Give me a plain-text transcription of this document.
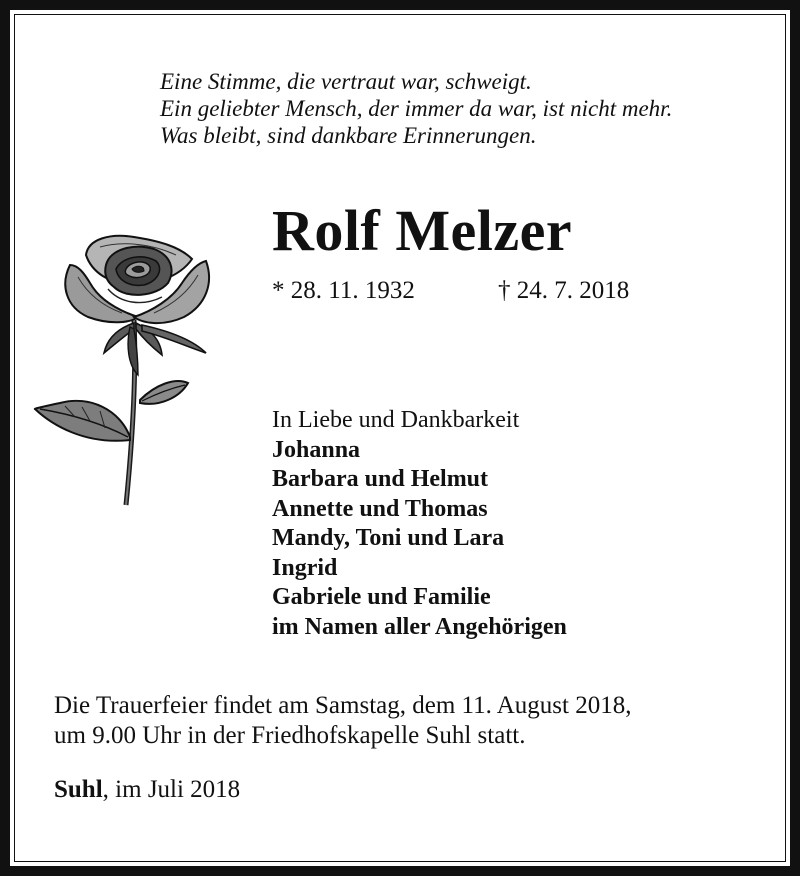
Eine Stimme, die vertraut war, schweigt.
Ein geliebter Mensch, der immer da war, ist nicht mehr.
Was bleibt, sind dankbare Erinnerungen.
Rolf Melzer
* 28. 11. 1932	† 24. 7. 2018
In Liebe und Dankbarkeit
Johanna
Barbara und Helmut
Annette und Thomas
Mandy, Toni und Lara
Ingrid
Gabriele und Familie
im Namen aller Angehörigen
Die Trauerfeier findet am Samstag, dem 11. August 2018,
um 9.00 Uhr in der Friedhofskapelle Suhl statt.
Suhl, im Juli 2018
